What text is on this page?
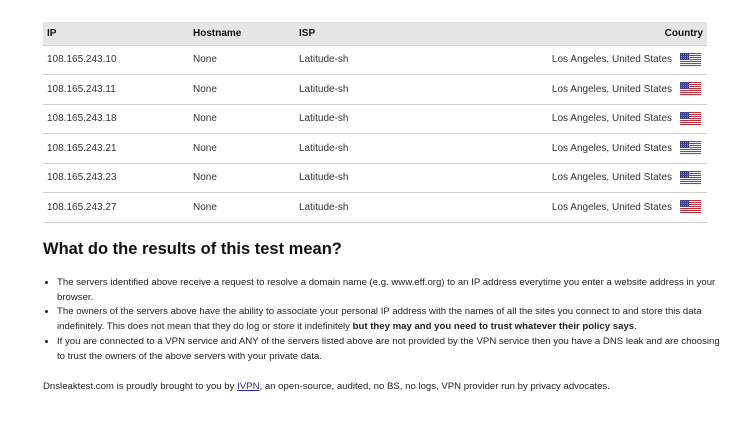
IP	Hostname	ISP	Country
108.165.243.10	None	Latitude-sh	Los Angeles, United States
108.165.243.11	None	Latitude-sh	Los Angeles, United States
108.165.243.18	None	Latitude-sh	Los Angeles, United States
108.165.243.21	None	Latitude-sh	Los Angeles, United States
108.165.243.23	None	Latitude-sh	Los Angeles, United States
108.165.243.27	None	Latitude-sh	Los Angeles, United States
What do the results of this test mean?
• The servers identified above receive a request to resolve a domain name (e.g. www.eff.org) to an IP address everytime you enter a website address in your browser.
• The owners of the servers above have the ability to associate your personal IP address with the names of all the sites you connect to and store this data indefinitely. This does not mean that they do log or store it indefinitely but they may and you need to trust whatever their policy says.
• If you are connected to a VPN service and ANY of the servers listed above are not provided by the VPN service then you have a DNS leak and are choosing to trust the owners of the above servers with your private data.

Dnsleaktest.com is proudly brought to you by IVPN, an open-source, audited, no BS, no logs, VPN provider run by privacy advocates.
